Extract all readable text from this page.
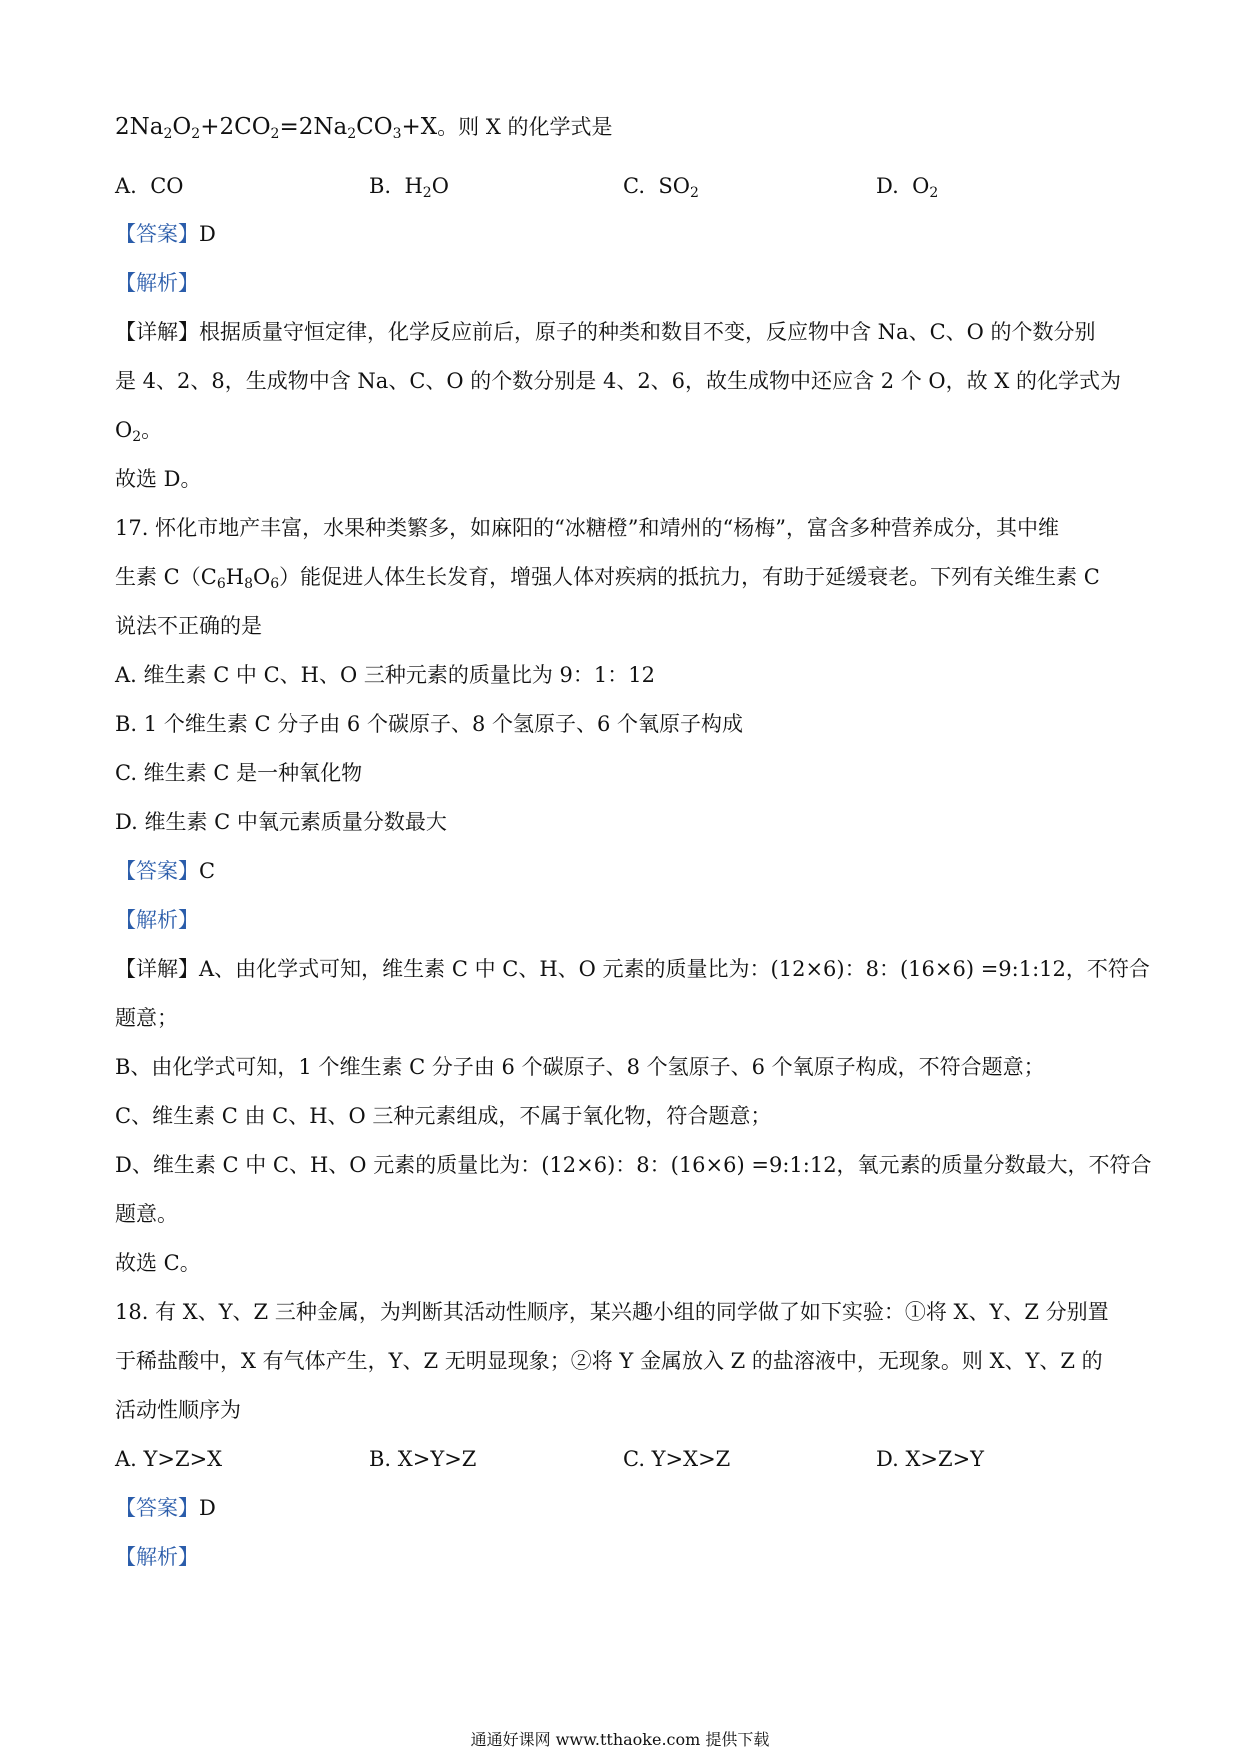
$2Na_2O_2+2CO_2=2Na_2CO_3+X$。则 X 的化学式是
A. CO	B. $H_2O$	C. $SO_2$	D. $O_2$
【答案】D
【解析】
【详解】根据质量守恒定律，化学反应前后，原子的种类和数目不变，反应物中含 Na、C、O 的个数分别
是 4、2、8，生成物中含 Na、C、O 的个数分别是 4、2、6，故生成物中还应含 2 个 O，故 X 的化学式为
$O_2$。
故选 D。
17. 怀化市地产丰富，水果种类繁多，如麻阳的“冰糖橙”和靖州的“杨梅”，富含多种营养成分，其中维
生素 $C(C_6H_8O_6)$能促进人体生长发育，增强人体对疾病的抵抗力，有助于延缓衰老。下列有关维生素 C
说法不正确的是
A. 维生素 C 中 C、H、O 三种元素的质量比为 9：1：12
B. 1 个维生素 C 分子由 6 个碳原子、8 个氢原子、6 个氧原子构成
C. 维生素 C 是一种氧化物
D. 维生素 C 中氧元素质量分数最大
【答案】C
【解析】
【详解】A、由化学式可知，维生素 C 中 C、H、O 元素的质量比为：(12×6)：8：(16×6) =9:1:12，不符合
题意；
B、由化学式可知，1 个维生素 C 分子由 6 个碳原子、8 个氢原子、6 个氧原子构成，不符合题意；
C、维生素 C 由 C、H、O 三种元素组成，不属于氧化物，符合题意；
D、维生素 C 中 C、H、O 元素的质量比为：(12×6)：8：(16×6) =9:1:12，氧元素的质量分数最大，不符合
题意。
故选 C。
18. 有 X、Y、Z 三种金属，为判断其活动性顺序，某兴趣小组的同学做了如下实验：①将 X、Y、Z 分别置
于稀盐酸中，X 有气体产生，Y、Z 无明显现象；②将 Y 金属放入 Z 的盐溶液中，无现象。则 X、Y、Z 的
活动性顺序为
A. Y>Z>X	B. X>Y>Z	C. Y>X>Z	D. X>Z>Y
【答案】D
【解析】
通通好课网 www.tthaoke.com 提供下载
